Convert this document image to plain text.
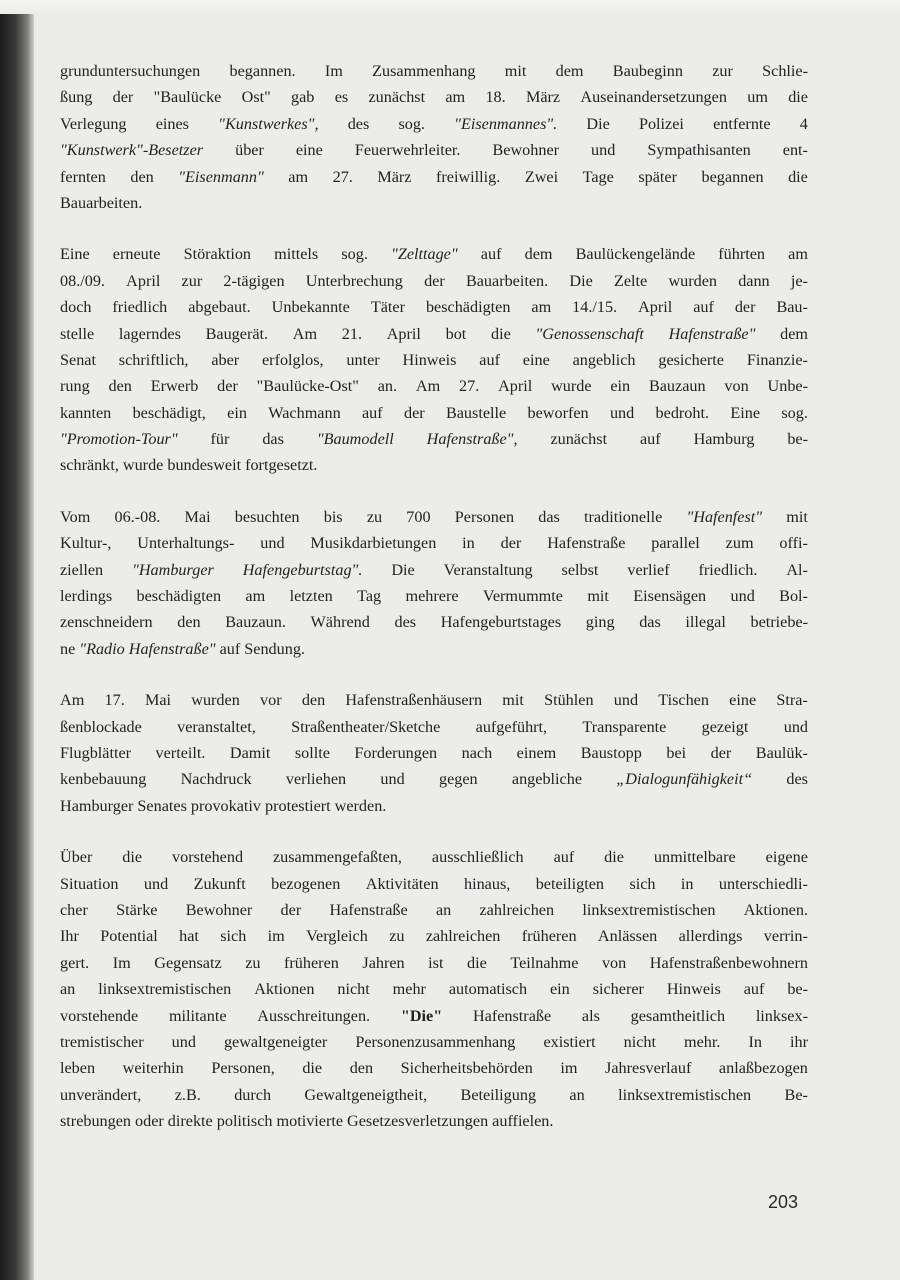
grunduntersuchungen begannen. Im Zusammenhang mit dem Baubeginn zur Schlie-
ßung der "Baulücke Ost" gab es zunächst am 18. März Auseinandersetzungen um die
Verlegung eines "Kunstwerkes", des sog. "Eisenmannes". Die Polizei entfernte 4
"Kunstwerk"-Besetzer über eine Feuerwehrleiter. Bewohner und Sympathisanten ent-
fernten den "Eisenmann" am 27. März freiwillig. Zwei Tage später begannen die
Bauarbeiten.
Eine erneute Störaktion mittels sog. "Zelttage" auf dem Baulückengelände führten am
08./09. April zur 2-tägigen Unterbrechung der Bauarbeiten. Die Zelte wurden dann je-
doch friedlich abgebaut. Unbekannte Täter beschädigten am 14./15. April auf der Bau-
stelle lagerndes Baugerät. Am 21. April bot die "Genossenschaft Hafenstraße" dem
Senat schriftlich, aber erfolglos, unter Hinweis auf eine angeblich gesicherte Finanzie-
rung den Erwerb der "Baulücke-Ost" an. Am 27. April wurde ein Bauzaun von Unbe-
kannten beschädigt, ein Wachmann auf der Baustelle beworfen und bedroht. Eine sog.
"Promotion-Tour" für das "Baumodell Hafenstraße", zunächst auf Hamburg be-
schränkt, wurde bundesweit fortgesetzt.
Vom 06.-08. Mai besuchten bis zu 700 Personen das traditionelle "Hafenfest" mit
Kultur-, Unterhaltungs- und Musikdarbietungen in der Hafenstraße parallel zum offi-
ziellen "Hamburger Hafengeburtstag". Die Veranstaltung selbst verlief friedlich. Al-
lerdings beschädigten am letzten Tag mehrere Vermummte mit Eisensägen und Bol-
zenschneidern den Bauzaun. Während des Hafengeburtstages ging das illegal betriebe-
ne "Radio Hafenstraße" auf Sendung.
Am 17. Mai wurden vor den Hafenstraßenhäusern mit Stühlen und Tischen eine Stra-
ßenblockade veranstaltet, Straßentheater/Sketche aufgeführt, Transparente gezeigt und
Flugblätter verteilt. Damit sollte Forderungen nach einem Baustopp bei der Baulük-
kenbebauung Nachdruck verliehen und gegen angebliche „Dialogunfähigkeit“ des
Hamburger Senates provokativ protestiert werden.
Über die vorstehend zusammengefaßten, ausschließlich auf die unmittelbare eigene
Situation und Zukunft bezogenen Aktivitäten hinaus, beteiligten sich in unterschiedli-
cher Stärke Bewohner der Hafenstraße an zahlreichen linksextremistischen Aktionen.
Ihr Potential hat sich im Vergleich zu zahlreichen früheren Anlässen allerdings verrin-
gert. Im Gegensatz zu früheren Jahren ist die Teilnahme von Hafenstraßenbewohnern
an linksextremistischen Aktionen nicht mehr automatisch ein sicherer Hinweis auf be-
vorstehende militante Ausschreitungen. "Die" Hafenstraße als gesamtheitlich linksex-
tremistischer und gewaltgeneigter Personenzusammenhang existiert nicht mehr. In ihr
leben weiterhin Personen, die den Sicherheitsbehörden im Jahresverlauf anlaßbezogen
unverändert, z.B. durch Gewaltgeneigtheit, Beteiligung an linksextremistischen Be-
strebungen oder direkte politisch motivierte Gesetzesverletzungen auffielen.
203
